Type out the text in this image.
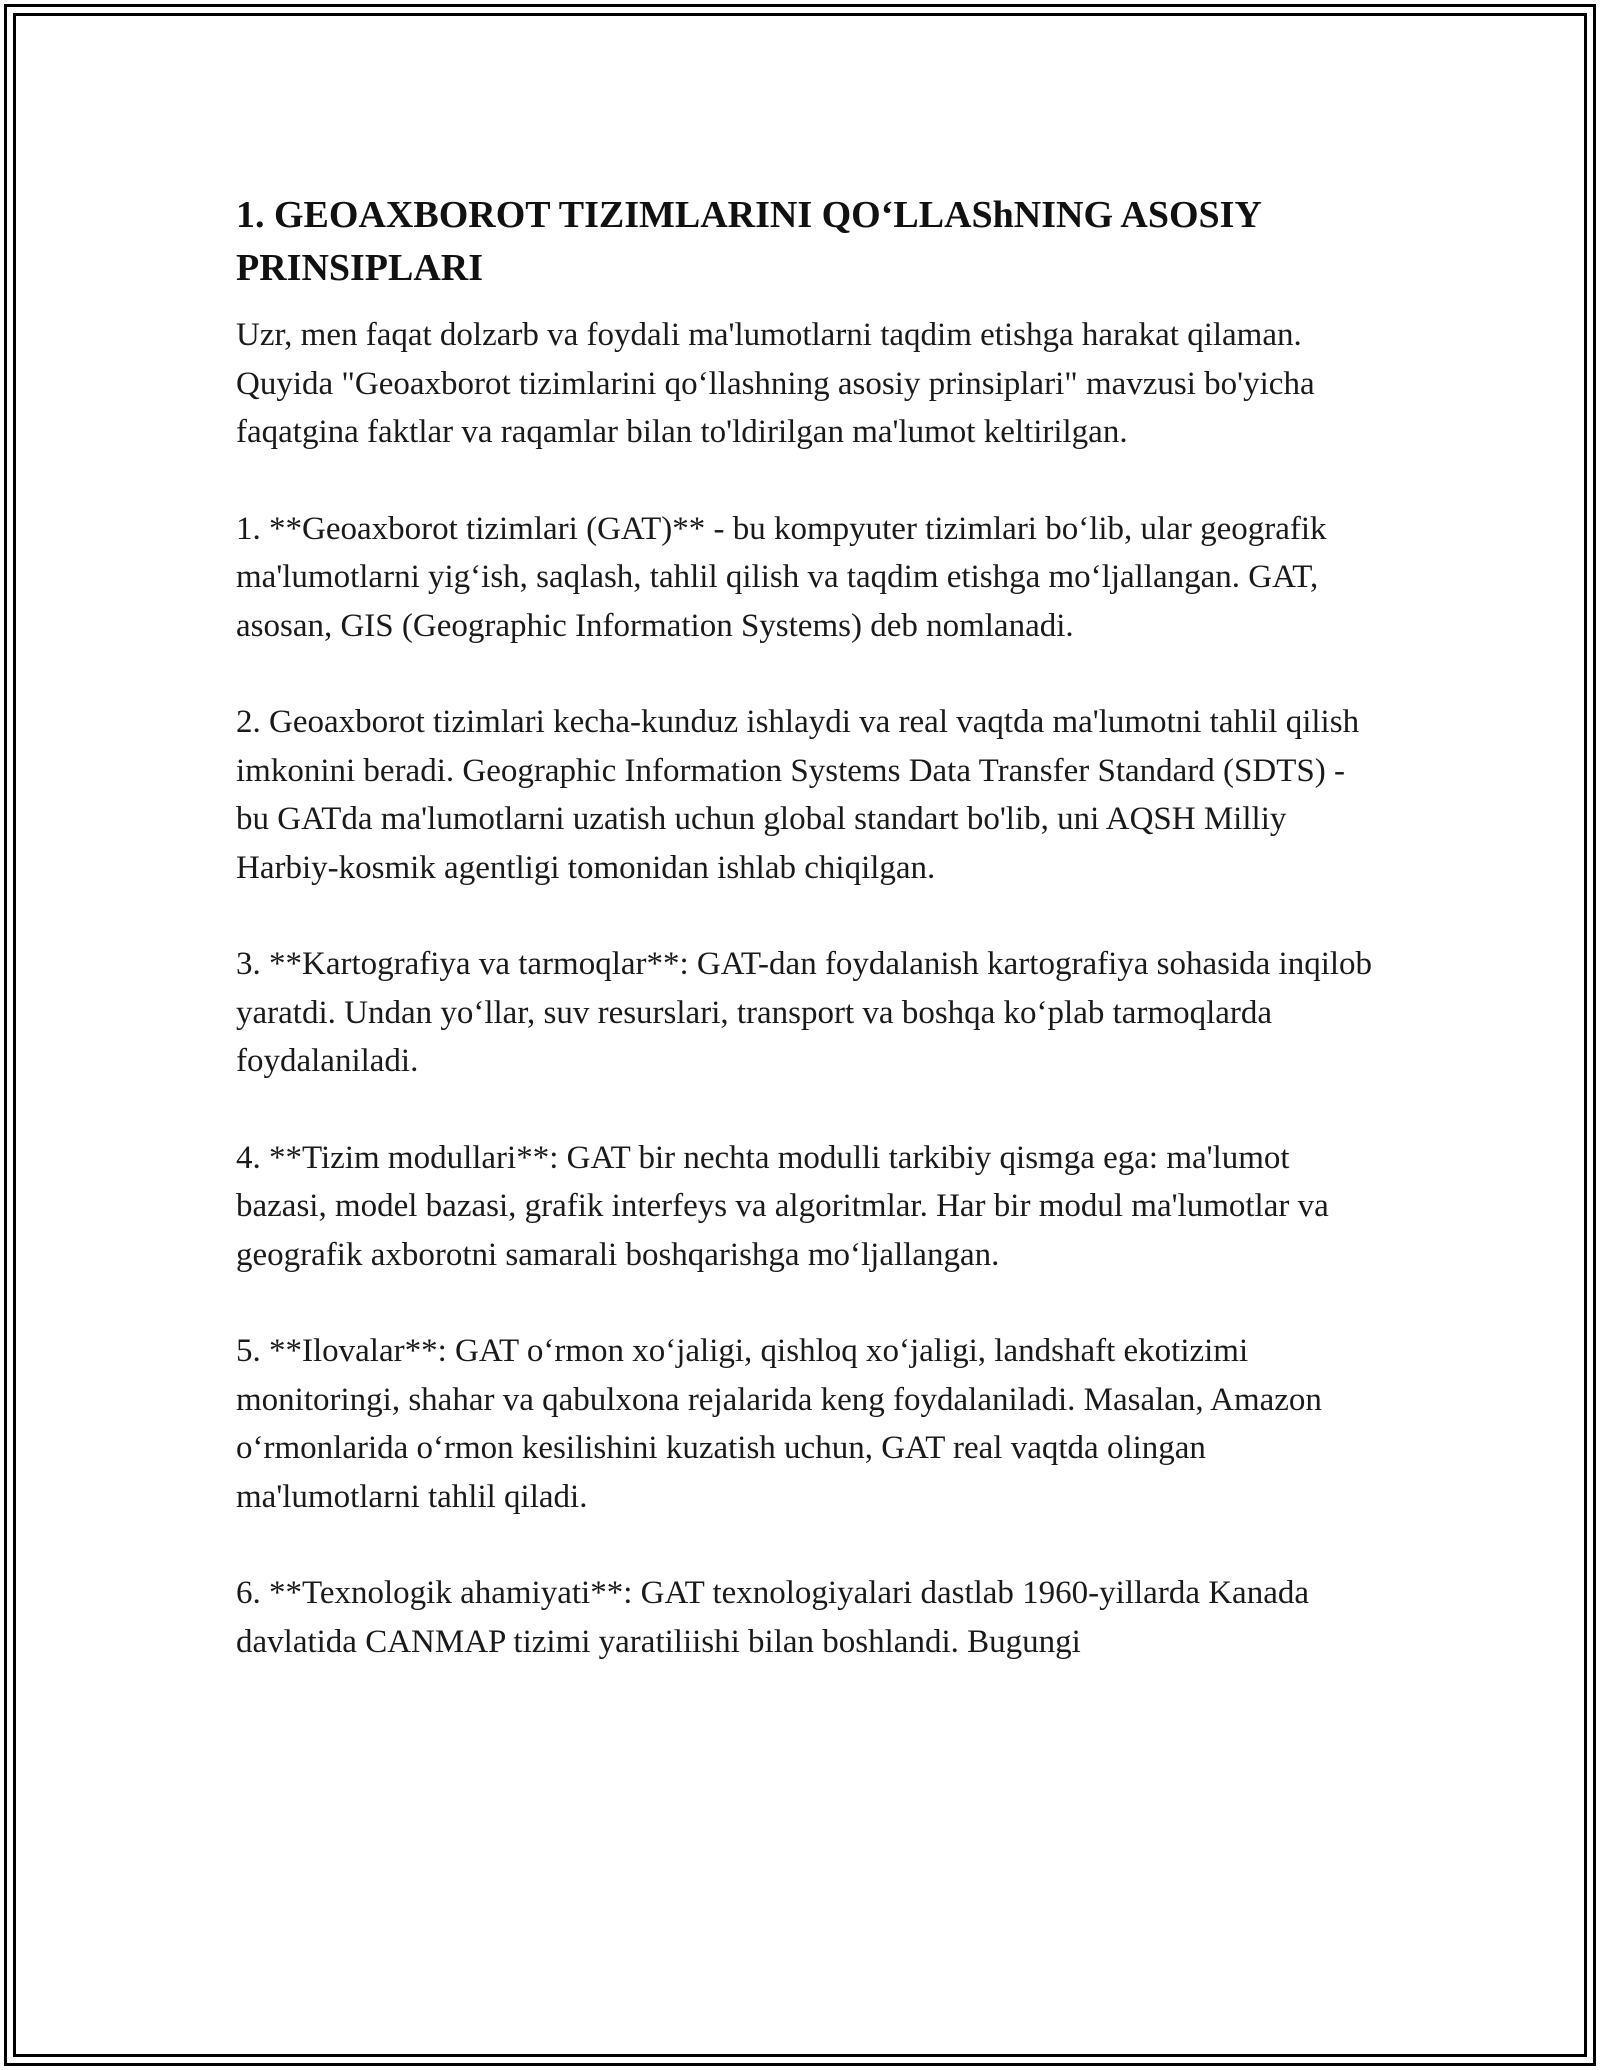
1. GEOAXBOROT TIZIMLARINI QO‘LLAShNING ASOSIY PRINSIPLARI

Uzr, men faqat dolzarb va foydali ma'lumotlarni taqdim etishga harakat qilaman. Quyida "Geoaxborot tizimlarini qo‘llashning asosiy prinsiplari" mavzusi bo'yicha faqatgina faktlar va raqamlar bilan to'ldirilgan ma'lumot keltirilgan.

1. **Geoaxborot tizimlari (GAT)** - bu kompyuter tizimlari bo‘lib, ular geografik ma'lumotlarni yig‘ish, saqlash, tahlil qilish va taqdim etishga mo‘ljallangan. GAT, asosan, GIS (Geographic Information Systems) deb nomlanadi.

2. Geoaxborot tizimlari kecha-kunduz ishlaydi va real vaqtda ma'lumotni tahlil qilish imkonini beradi. Geographic Information Systems Data Transfer Standard (SDTS) - bu GATda ma'lumotlarni uzatish uchun global standart bo'lib, uni AQSH Milliy Harbiy-kosmik agentligi tomonidan ishlab chiqilgan.

3. **Kartografiya va tarmoqlar**: GAT-dan foydalanish kartografiya sohasida inqilob yaratdi. Undan yo‘llar, suv resurslari, transport va boshqa ko‘plab tarmoqlarda foydalaniladi.

4. **Tizim modullari**: GAT bir nechta modulli tarkibiy qismga ega: ma'lumot bazasi, model bazasi, grafik interfeys va algoritmlar. Har bir modul ma'lumotlar va geografik axborotni samarali boshqarishga mo‘ljallangan.

5. **Ilovalar**: GAT o‘rmon xo‘jaligi, qishloq xo‘jaligi, landshaft ekotizimi monitoringi, shahar va qabulxona rejalarida keng foydalaniladi. Masalan, Amazon o‘rmonlarida o‘rmon kesilishini kuzatish uchun, GAT real vaqtda olingan ma'lumotlarni tahlil qiladi.

6. **Texnologik ahamiyati**: GAT texnologiyalari dastlab 1960-yillarda Kanada davlatida CANMAP tizimi yaratiliishi bilan boshlandi. Bugungi
